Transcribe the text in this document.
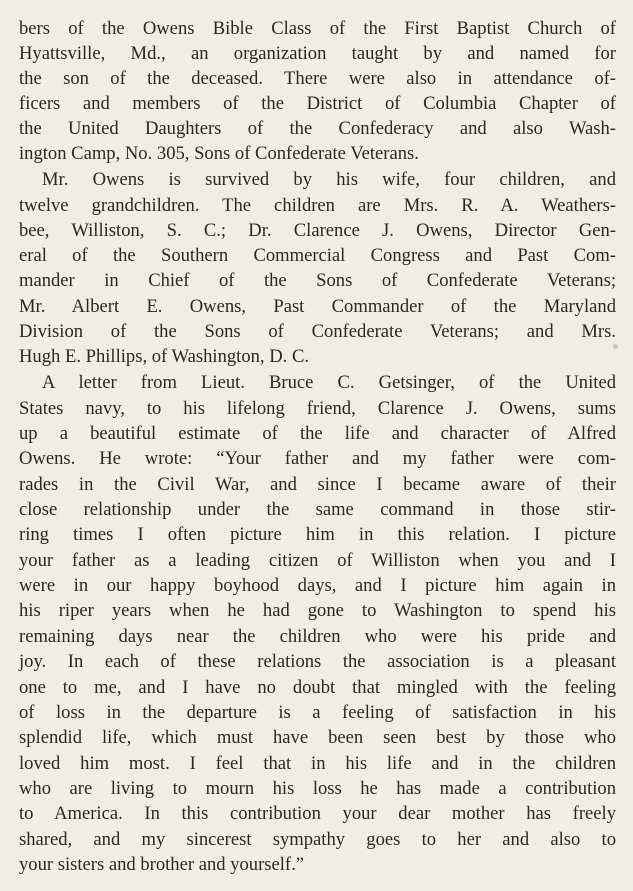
bers of the Owens Bible Class of the First Baptist Church of
Hyattsville, Md., an organization taught by and named for
the son of the deceased. There were also in attendance of-
ficers and members of the District of Columbia Chapter of
the United Daughters of the Confederacy and also Wash-
ington Camp, No. 305, Sons of Confederate Veterans.
Mr. Owens is survived by his wife, four children, and
twelve grandchildren. The children are Mrs. R. A. Weathers-
bee, Williston, S. C.; Dr. Clarence J. Owens, Director Gen-
eral of the Southern Commercial Congress and Past Com-
mander in Chief of the Sons of Confederate Veterans;
Mr. Albert E. Owens, Past Commander of the Maryland
Division of the Sons of Confederate Veterans; and Mrs.
Hugh E. Phillips, of Washington, D. C.
A letter from Lieut. Bruce C. Getsinger, of the United
States navy, to his lifelong friend, Clarence J. Owens, sums
up a beautiful estimate of the life and character of Alfred
Owens. He wrote: “Your father and my father were com-
rades in the Civil War, and since I became aware of their
close relationship under the same command in those stir-
ring times I often picture him in this relation. I picture
your father as a leading citizen of Williston when you and I
were in our happy boyhood days, and I picture him again in
his riper years when he had gone to Washington to spend his
remaining days near the children who were his pride and
joy. In each of these relations the association is a pleasant
one to me, and I have no doubt that mingled with the feeling
of loss in the departure is a feeling of satisfaction in his
splendid life, which must have been seen best by those who
loved him most. I feel that in his life and in the children
who are living to mourn his loss he has made a contribution
to America. In this contribution your dear mother has freely
shared, and my sincerest sympathy goes to her and also to
your sisters and brother and yourself.”
